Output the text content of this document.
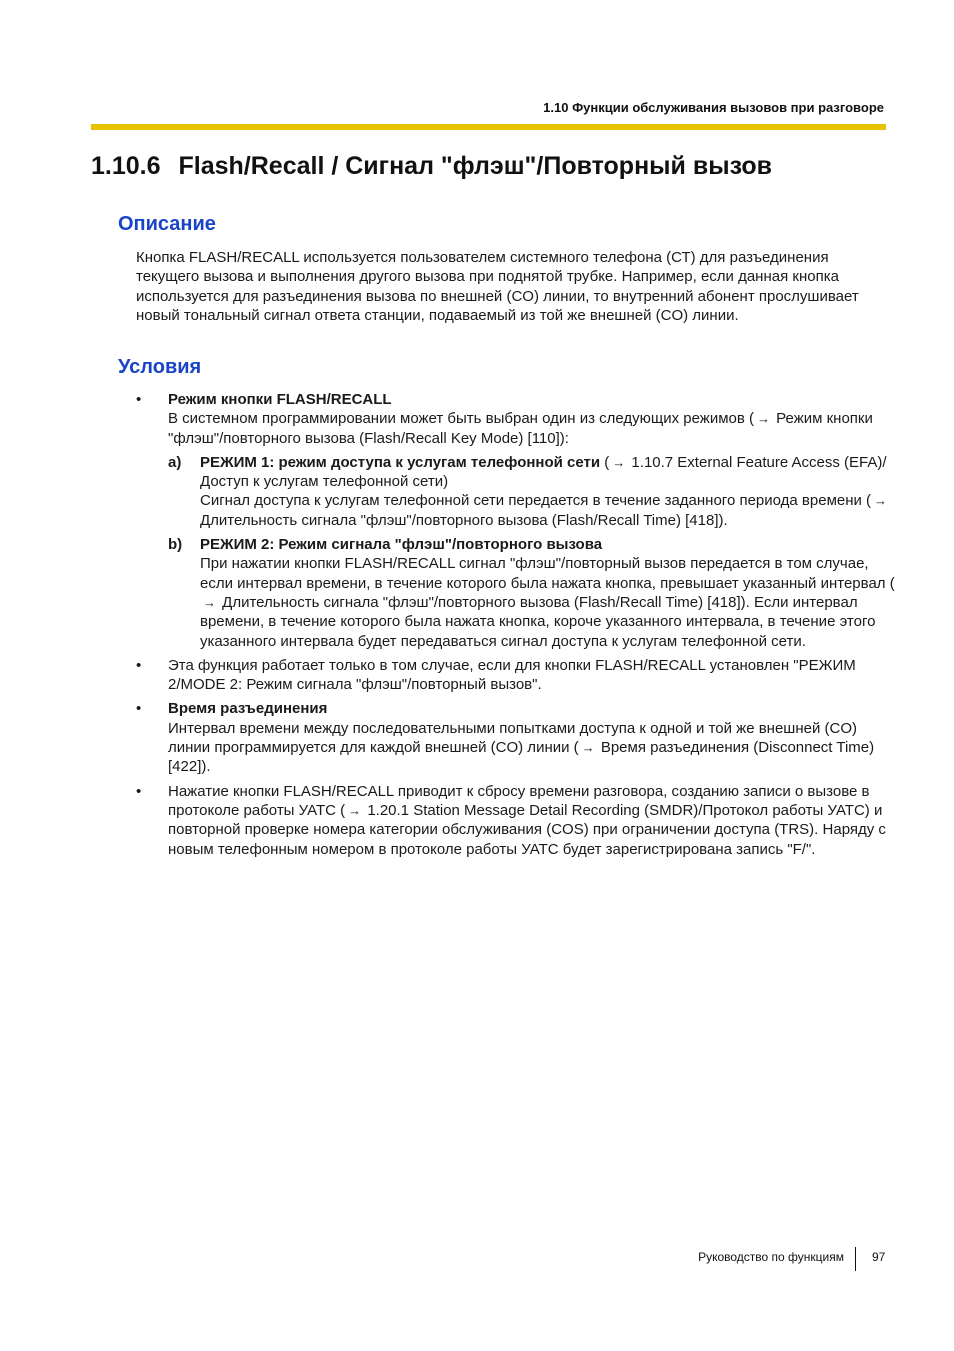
1.10 Функции обслуживания вызовов при разговоре
1.10.6 Flash/Recall / Сигнал "флэш"/Повторный вызов
Описание
Кнопка FLASH/RECALL используется пользователем системного телефона (СТ) для разъединения текущего вызова и выполнения другого вызова при поднятой трубке. Например, если данная кнопка используется для разъединения вызова по внешней (CO) линии, то внутренний абонент прослушивает новый тональный сигнал ответа станции, подаваемый из той же внешней (CO) линии.
Условия
• Режим кнопки FLASH/RECALL
В системном программировании может быть выбран один из следующих режимов ( → Режим кнопки "флэш"/повторного вызова (Flash/Recall Key Mode) [110]):
a) РЕЖИМ 1: режим доступа к услугам телефонной сети ( → 1.10.7 External Feature Access (EFA)/Доступ к услугам телефонной сети)
Сигнал доступа к услугам телефонной сети передается в течение заданного периода времени ( → Длительность сигнала "флэш"/повторного вызова (Flash/Recall Time) [418]).
b) РЕЖИМ 2: Режим сигнала "флэш"/повторного вызова
При нажатии кнопки FLASH/RECALL сигнал "флэш"/повторный вызов передается в том случае, если интервал времени, в течение которого была нажата кнопка, превышает указанный интервал (→ Длительность сигнала "флэш"/повторного вызова (Flash/Recall Time) [418]). Если интервал времени, в течение которого была нажата кнопка, короче указанного интервала, в течение этого указанного интервала будет передаваться сигнал доступа к услугам телефонной сети.
• Эта функция работает только в том случае, если для кнопки FLASH/RECALL установлен "РЕЖИМ 2/MODE 2: Режим сигнала "флэш"/повторный вызов".
• Время разъединения
Интервал времени между последовательными попытками доступа к одной и той же внешней (CO) линии программируется для каждой внешней (CO) линии ( → Время разъединения (Disconnect Time) [422]).
• Нажатие кнопки FLASH/RECALL приводит к сбросу времени разговора, созданию записи о вызове в протоколе работы УАТС ( → 1.20.1 Station Message Detail Recording (SMDR)/Протокол работы УАТС) и повторной проверке номера категории обслуживания (COS) при ограничении доступа (TRS). Наряду с новым телефонным номером в протоколе работы УАТС будет зарегистрирована запись "F/".
Руководство по функциям 97
